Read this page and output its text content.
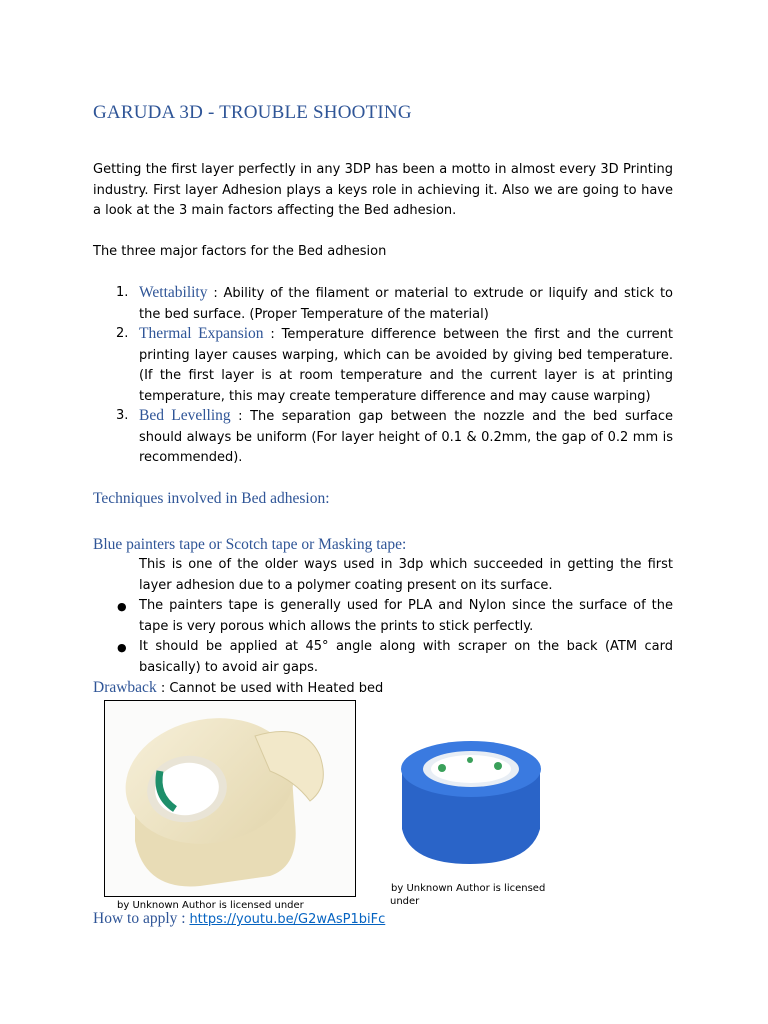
GARUDA 3D - TROUBLE SHOOTING
Getting the first layer perfectly in any 3DP has been a motto in almost every 3D Printing industry. First layer Adhesion plays a keys role in achieving it. Also we are going to have a look at the 3 main factors affecting the Bed adhesion.
The three major factors for the Bed adhesion
1. Wettability : Ability of the filament or material to extrude or liquify and stick to the bed surface. (Proper Temperature of the material)
2. Thermal Expansion : Temperature difference between the first and the current printing layer causes warping, which can be avoided by giving bed temperature. (If the first layer is at room temperature and the current layer is at printing temperature, this may create temperature difference and may cause warping)
3. Bed Levelling : The separation gap between the nozzle and the bed surface should always be uniform (For layer height of 0.1 & 0.2mm, the gap of 0.2 mm is recommended).
Techniques involved in Bed adhesion:
Blue painters tape or Scotch tape or Masking tape:
This is one of the older ways used in 3dp which succeeded in getting the first layer adhesion due to a polymer coating present on its surface.
● The painters tape is generally used for PLA and Nylon since the surface of the tape is very porous which allows the prints to stick perfectly.
● It should be applied at 45° angle along with scraper on the back (ATM card basically) to avoid air gaps.
Drawback : Cannot be used with Heated bed
by Unknown Author is licensed under
by Unknown Author is licensed under
How to apply : https://youtu.be/G2wAsP1biFc
